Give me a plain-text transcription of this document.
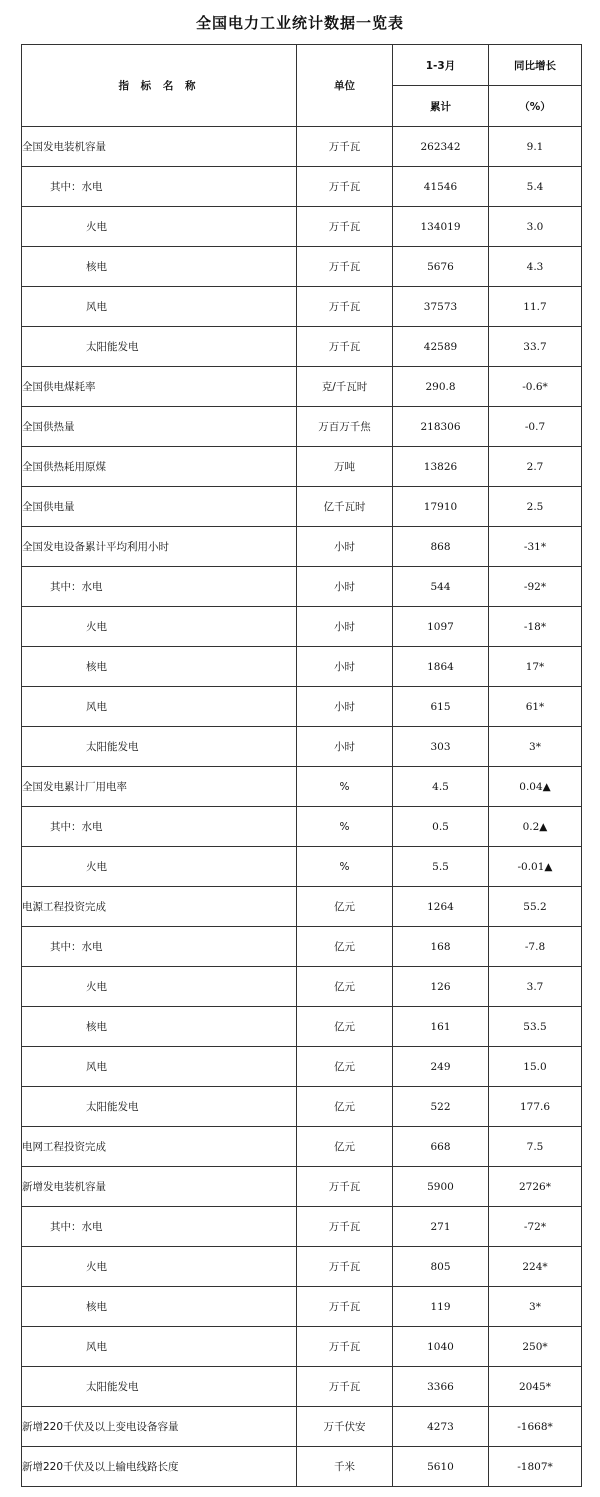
全国电力工业统计数据一览表
指 标 名 称	单位	1-3月	同比增长
		累计	（%）
全国发电装机容量	万千瓦	262342	9.1
其中：水电	万千瓦	41546	5.4
火电	万千瓦	134019	3.0
核电	万千瓦	5676	4.3
风电	万千瓦	37573	11.7
太阳能发电	万千瓦	42589	33.7
全国供电煤耗率	克/千瓦时	290.8	-0.6*
全国供热量	万百万千焦	218306	-0.7
全国供热耗用原煤	万吨	13826	2.7
全国供电量	亿千瓦时	17910	2.5
全国发电设备累计平均利用小时	小时	868	-31*
其中：水电	小时	544	-92*
火电	小时	1097	-18*
核电	小时	1864	17*
风电	小时	615	61*
太阳能发电	小时	303	3*
全国发电累计厂用电率	%	4.5	0.04▲
其中：水电	%	0.5	0.2▲
火电	%	5.5	-0.01▲
电源工程投资完成	亿元	1264	55.2
其中：水电	亿元	168	-7.8
火电	亿元	126	3.7
核电	亿元	161	53.5
风电	亿元	249	15.0
太阳能发电	亿元	522	177.6
电网工程投资完成	亿元	668	7.5
新增发电装机容量	万千瓦	5900	2726*
其中：水电	万千瓦	271	-72*
火电	万千瓦	805	224*
核电	万千瓦	119	3*
风电	万千瓦	1040	250*
太阳能发电	万千瓦	3366	2045*
新增220千伏及以上变电设备容量	万千伏安	4273	-1668*
新增220千伏及以上输电线路长度	千米	5610	-1807*
